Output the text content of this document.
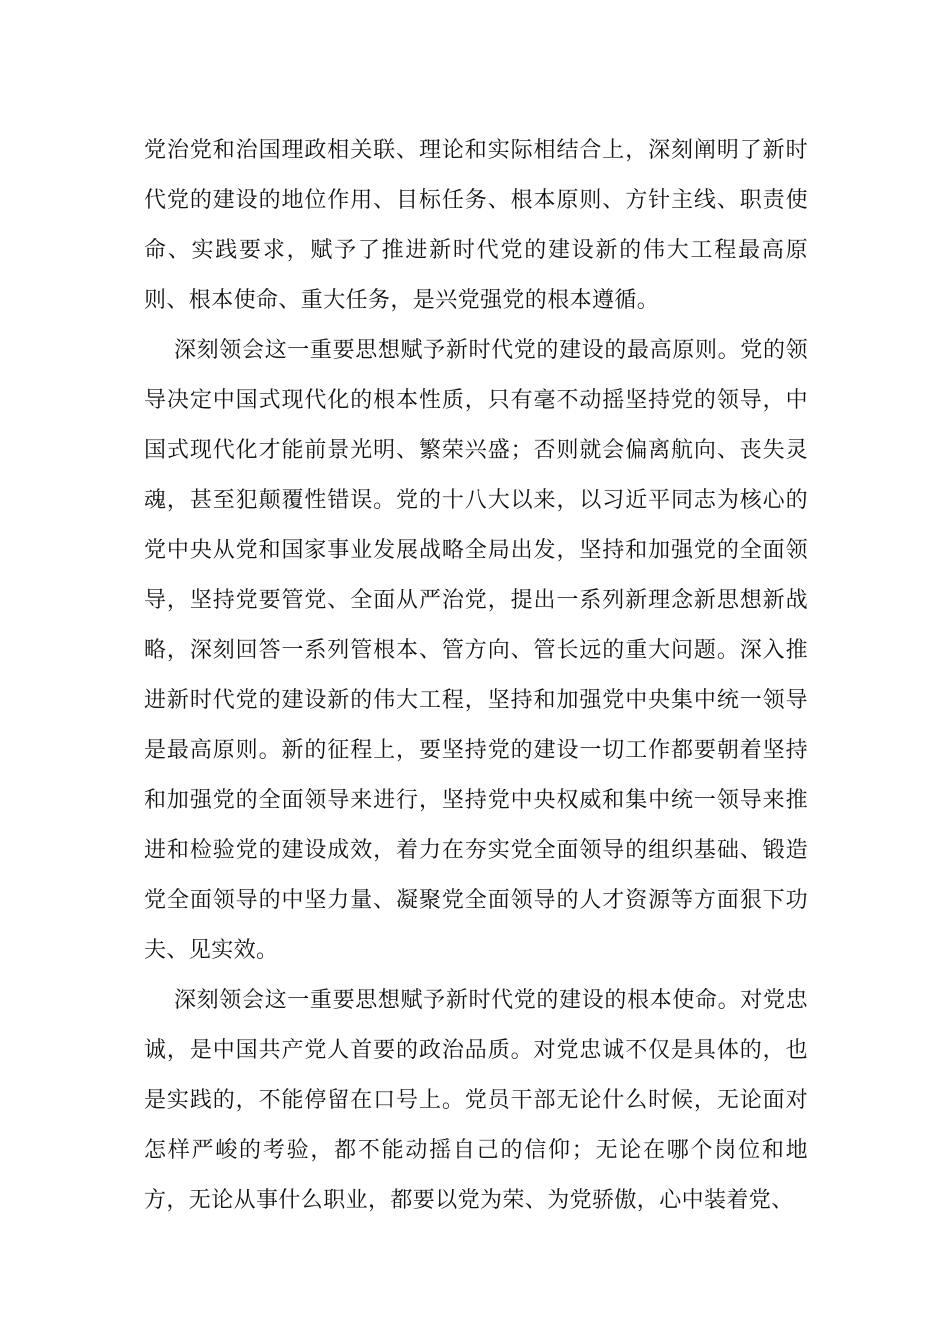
党治党和治国理政相关联、理论和实际相结合上，深刻阐明了新时代党的建设的地位作用、目标任务、根本原则、方针主线、职责使命、实践要求，赋予了推进新时代党的建设新的伟大工程最高原则、根本使命、重大任务，是兴党强党的根本遵循。

深刻领会这一重要思想赋予新时代党的建设的最高原则。党的领导决定中国式现代化的根本性质，只有毫不动摇坚持党的领导，中国式现代化才能前景光明、繁荣兴盛；否则就会偏离航向、丧失灵魂，甚至犯颠覆性错误。党的十八大以来，以习近平同志为核心的党中央从党和国家事业发展战略全局出发，坚持和加强党的全面领导，坚持党要管党、全面从严治党，提出一系列新理念新思想新战略，深刻回答一系列管根本、管方向、管长远的重大问题。深入推进新时代党的建设新的伟大工程，坚持和加强党中央集中统一领导是最高原则。新的征程上，要坚持党的建设一切工作都要朝着坚持和加强党的全面领导来进行，坚持党中央权威和集中统一领导来推进和检验党的建设成效，着力在夯实党全面领导的组织基础、锻造党全面领导的中坚力量、凝聚党全面领导的人才资源等方面狠下功夫、见实效。

深刻领会这一重要思想赋予新时代党的建设的根本使命。对党忠诚，是中国共产党人首要的政治品质。对党忠诚不仅是具体的，也是实践的，不能停留在口号上。党员干部无论什么时候，无论面对怎样严峻的考验，都不能动摇自己的信仰；无论在哪个岗位和地方，无论从事什么职业，都要以党为荣、为党骄傲，心中装着党、
